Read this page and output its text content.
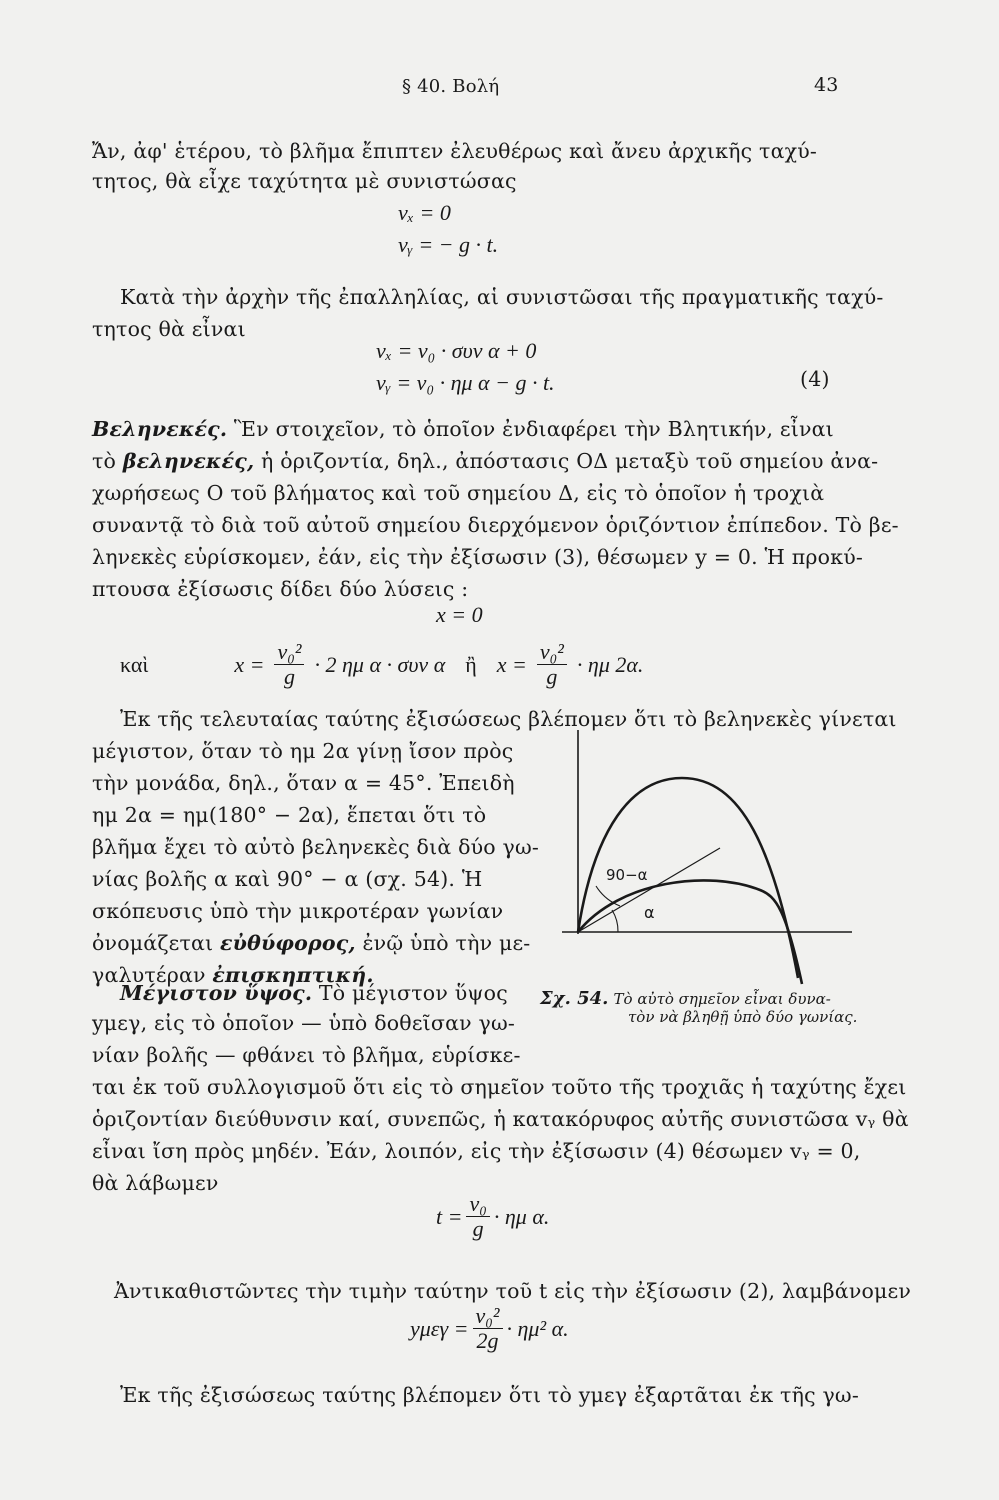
§ 40. Βολή	43
Ἄν, ἀφ' ἑτέρου, τὸ βλῆμα ἔπιπτεν ἐλευθέρως καὶ ἄνευ ἀρχικῆς ταχύ-
τητος, θὰ εἶχε ταχύτητα μὲ συνιστώσας
vₓ = 0
vᵧ = − g · t.
Κατὰ τὴν ἀρχὴν τῆς ἐπαλληλίας, αἱ συνιστῶσαι τῆς πραγματικῆς ταχύ-
τητος θὰ εἶναι
vₓ = v₀ · συν α + 0
vᵧ = v₀ · ημ α − g · t.	(4)
Βεληνεκές. Ἓν στοιχεῖον, τὸ ὁποῖον ἐνδιαφέρει τὴν Βλητικήν, εἶναι
τὸ βεληνεκές, ἡ ὁριζοντία, δηλ., ἀπόστασις ΟΔ μεταξὺ τοῦ σημείου ἀνα-
χωρήσεως Ο τοῦ βλήματος καὶ τοῦ σημείου Δ, εἰς τὸ ὁποῖον ἡ τροχιὰ
συναντᾷ τὸ διὰ τοῦ αὐτοῦ σημείου διερχόμενον ὁριζόντιον ἐπίπεδον. Τὸ βε-
ληνεκὲς εὑρίσκομεν, ἐάν, εἰς τὴν ἐξίσωσιν (3), θέσωμεν y = 0. Ἡ προκύ-
πτουσα ἐξίσωσις δίδει δύο λύσεις :
x = 0
καὶ	$x = \frac{\text{v₀²}}{g} \cdot 2$ ημ α · συν α ἢ $x = \frac{\text{v₀²}}{g} \cdot \eta\mu$ 2α.
Ἐκ τῆς τελευταίας ταύτης ἐξισώσεως βλέπομεν ὅτι τὸ βεληνεκὲς γίνεται
μέγιστον, ὅταν τὸ ημ 2α γίνῃ ἴσον πρὸς
τὴν μονάδα, δηλ., ὅταν α = 45°. Ἐπειδὴ
ημ 2α = ημ(180° − 2α), ἕπεται ὅτι τὸ
βλῆμα ἔχει τὸ αὐτὸ βεληνεκὲς διὰ δύο γω-
νίας βολῆς α καὶ 90° − α (σχ. 54). Ἡ
σκόπευσις ὑπὸ τὴν μικροτέραν γωνίαν
ὀνομάζεται εὐθύφορος, ἐνῷ ὑπὸ τὴν με-
γαλυτέραν ἐπισκηπτική.
90−α
α
Σχ. 54. Τὸ αὐτὸ σημεῖον εἶναι δυνα-
τὸν νὰ βληθῇ ὑπὸ δύο γωνίας.
Μέγιστον ὕψος. Τὸ μέγιστον ὕψος
yμεγ, εἰς τὸ ὁποῖον — ὑπὸ δοθεῖσαν γω-
νίαν βολῆς — φθάνει τὸ βλῆμα, εὑρίσκε-
ται ἐκ τοῦ συλλογισμοῦ ὅτι εἰς τὸ σημεῖον τοῦτο τῆς τροχιᾶς ἡ ταχύτης ἔχει
ὁριζοντίαν διεύθυνσιν καί, συνεπῶς, ἡ κατακόρυφος αὐτῆς συνιστῶσα vᵧ θὰ
εἶναι ἴση πρὸς μηδέν. Ἐάν, λοιπόν, εἰς τὴν ἐξίσωσιν (4) θέσωμεν vᵧ = 0,
θὰ λάβωμεν
$t = \frac{\text{v₀}}{g} \cdot \eta\mu$ α.
Ἀντικαθιστῶντες τὴν τιμὴν ταύτην τοῦ t εἰς τὴν ἐξίσωσιν (2), λαμβάνομεν
$y\mu\varepsilon\gamma = \frac{\text{v₀²}}{2g} \cdot \eta\mu^2$ α.
Ἐκ τῆς ἐξισώσεως ταύτης βλέπομεν ὅτι τὸ yμεγ ἐξαρτᾶται ἐκ τῆς γω-
